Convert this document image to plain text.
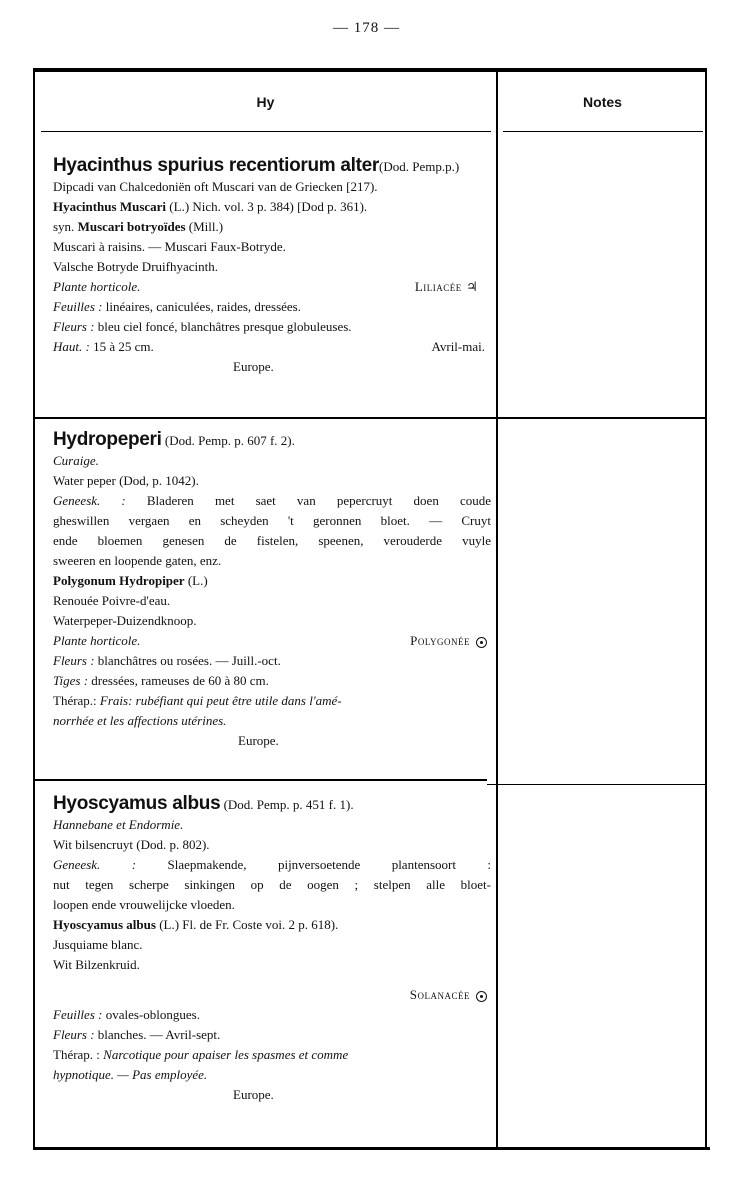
— 178 —
Hy	Notes
Hyacinthus spurius recentiorum alter(Dod. Pemp.p.)
Dipcadi van Chalcedoniën oft Muscari van de Griecken [217).
Hyacinthus Muscari (L.) Nich. vol. 3 p. 384) [Dod p. 361).
syn. Muscari botryoïdes (Mill.)
Muscari à raisins. — Muscari Faux-Botryde.
Valsche Botryde Druifhyacinth.
Plante horticole.	Liliacée ♃
Feuilles : linéaires, caniculées, raides, dressées.
Fleurs : bleu ciel foncé, blanchâtres presque globuleuses.
Haut. : 15 à 25 cm.	Avril-mai.
Europe.
Hydropeperi (Dod. Pemp. p. 607 f. 2).
Curaige.
Water peper (Dod, p. 1042).
Geneesk. : Bladeren met saet van pepercruyt doen coude
gheswillen vergaen en scheyden 't geronnen bloet. — Cruyt
ende bloemen genesen de fistelen, speenen, verouderde vuyle
sweeren en loopende gaten, enz.
Polygonum Hydropiper (L.)
Renouée Poivre-d'eau.
Waterpeper-Duizendknoop.
Plante horticole.	Polygonée
Fleurs : blanchâtres ou rosées. — Juill.-oct.
Tiges : dressées, rameuses de 60 à 80 cm.
Thérap.: Frais: rubéfiant qui peut être utile dans l'amé-
norrhée et les affections utérines.
Europe.
Hyoscyamus albus (Dod. Pemp. p. 451 f. 1).
Hannebane et Endormie.
Wit bilsencruyt (Dod. p. 802).
Geneesk. : Slaepmakende, pijnversoetende plantensoort :
nut tegen scherpe sinkingen op de oogen ; stelpen alle bloet-
loopen ende vrouwelijcke vloeden.
Hyoscyamus albus (L.) Fl. de Fr. Coste voi. 2 p. 618).
Jusquiame blanc.
Wit Bilzenkruid.
Solanacée
Feuilles : ovales-oblongues.
Fleurs : blanches. — Avril-sept.
Thérap. : Narcotique pour apaiser les spasmes et comme
hypnotique. — Pas employée.
Europe.
